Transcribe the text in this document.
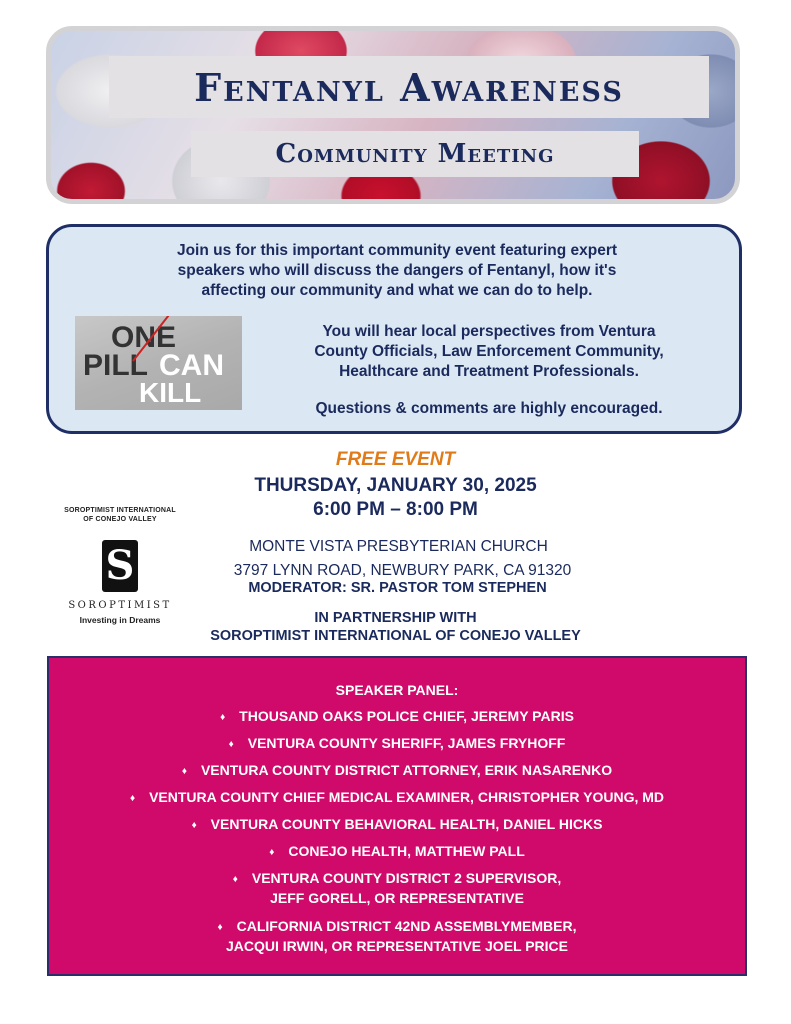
Fentanyl Awareness
Community Meeting
Join us for this important community event featuring expert
speakers who will discuss the dangers of Fentanyl, how it's
affecting our community and what we can do to help.
ONE
PILL CAN
KILL
You will hear local perspectives from Ventura
County Officials, Law Enforcement Community,
Healthcare and Treatment Professionals.
Questions & comments are highly encouraged.
FREE EVENT
THURSDAY, JANUARY 30, 2025
6:00 PM – 8:00 PM
MONTE VISTA PRESBYTERIAN CHURCH
3797 LYNN ROAD, NEWBURY PARK, CA 91320
MODERATOR: SR. PASTOR TOM STEPHEN
IN PARTNERSHIP WITH
SOROPTIMIST INTERNATIONAL OF CONEJO VALLEY
SOROPTIMIST INTERNATIONAL
OF CONEJO VALLEY
S
SOROPTIMIST
Investing in Dreams
SPEAKER PANEL:
♦ THOUSAND OAKS POLICE CHIEF, JEREMY PARIS
♦ VENTURA COUNTY SHERIFF, JAMES FRYHOFF
♦ VENTURA COUNTY DISTRICT ATTORNEY, ERIK NASARENKO
♦ VENTURA COUNTY CHIEF MEDICAL EXAMINER, CHRISTOPHER YOUNG, MD
♦ VENTURA COUNTY BEHAVIORAL HEALTH, DANIEL HICKS
♦ CONEJO HEALTH, MATTHEW PALL
♦ VENTURA COUNTY DISTRICT 2 SUPERVISOR,
JEFF GORELL, OR REPRESENTATIVE
♦ CALIFORNIA DISTRICT 42ND ASSEMBLYMEMBER,
JACQUI IRWIN, OR REPRESENTATIVE JOEL PRICE
